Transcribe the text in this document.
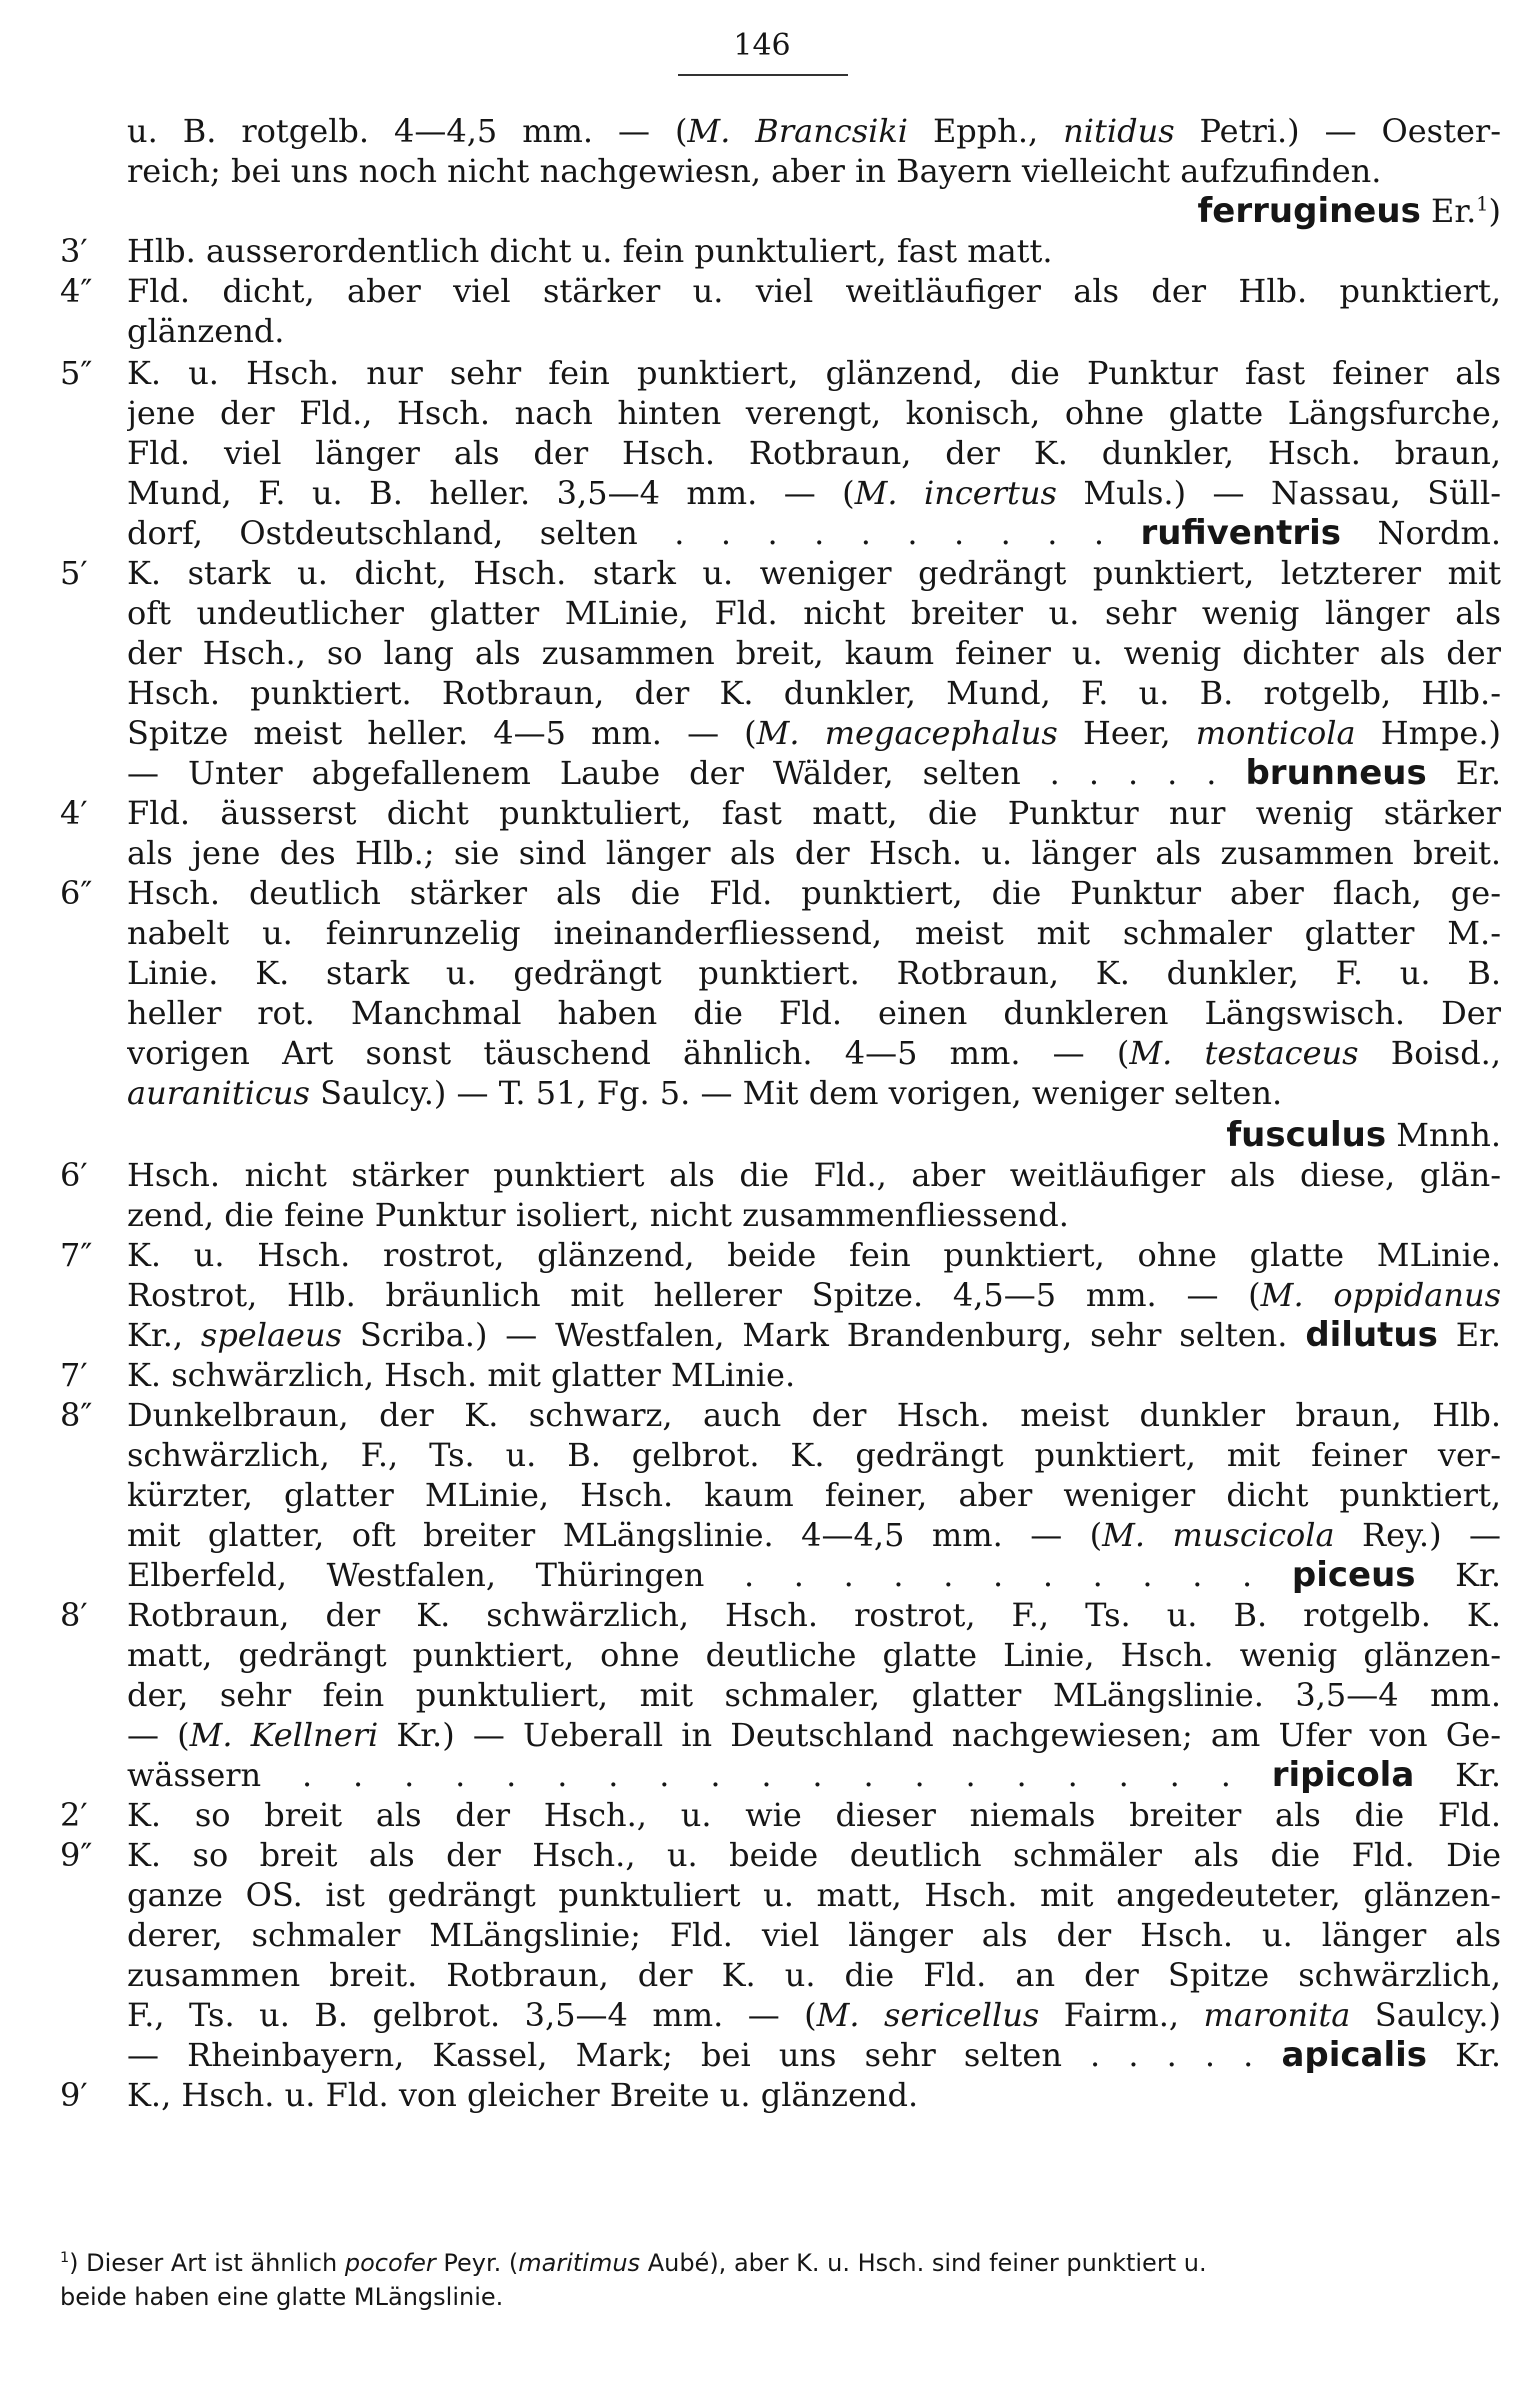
146
u. B. rotgelb. 4—4,5 mm. — (M. Brancsiki Epph., nitidus Petri.) — Oester-
reich; bei uns noch nicht nachgewiesn, aber in Bayern vielleicht aufzufinden.
ferrugineus Er.$^1$)
Hlb. ausserordentlich dicht u. fein punktuliert, fast matt.
3′
Fld. dicht, aber viel stärker u. viel weitläufiger als der Hlb. punktiert,
4″
glänzend.
K. u. Hsch. nur sehr fein punktiert, glänzend, die Punktur fast feiner als
5″
jene der Fld., Hsch. nach hinten verengt, konisch, ohne glatte Längsfurche,
Fld. viel länger als der Hsch. Rotbraun, der K. dunkler, Hsch. braun,
Mund, F. u. B. heller. 3,5—4 mm. — (M. incertus Muls.) — Nassau, Süll-
dorf, Ostdeutschland, selten . . . . . . . . . . rufiventris Nordm.
K. stark u. dicht, Hsch. stark u. weniger gedrängt punktiert, letzterer mit
5′
oft undeutlicher glatter MLinie, Fld. nicht breiter u. sehr wenig länger als
der Hsch., so lang als zusammen breit, kaum feiner u. wenig dichter als der
Hsch. punktiert. Rotbraun, der K. dunkler, Mund, F. u. B. rotgelb, Hlb.-
Spitze meist heller. 4—5 mm. — (M. megacephalus Heer, monticola Hmpe.)
— Unter abgefallenem Laube der Wälder, selten . . . . . brunneus Er.
Fld. äusserst dicht punktuliert, fast matt, die Punktur nur wenig stärker
4′
als jene des Hlb.; sie sind länger als der Hsch. u. länger als zusammen breit.
Hsch. deutlich stärker als die Fld. punktiert, die Punktur aber flach, ge-
6″
nabelt u. feinrunzelig ineinanderfliessend, meist mit schmaler glatter M.-
Linie. K. stark u. gedrängt punktiert. Rotbraun, K. dunkler, F. u. B.
heller rot. Manchmal haben die Fld. einen dunkleren Längswisch. Der
vorigen Art sonst täuschend ähnlich. 4—5 mm. — (M. testaceus Boisd.,
auraniticus Saulcy.) — T. 51, Fg. 5. — Mit dem vorigen, weniger selten.
fusculus Mnnh.
Hsch. nicht stärker punktiert als die Fld., aber weitläufiger als diese, glän-
6′
zend, die feine Punktur isoliert, nicht zusammenfliessend.
K. u. Hsch. rostrot, glänzend, beide fein punktiert, ohne glatte MLinie.
7″
Rostrot, Hlb. bräunlich mit hellerer Spitze. 4,5—5 mm. — (M. oppidanus
Kr., spelaeus Scriba.) — Westfalen, Mark Brandenburg, sehr selten. dilutus Er.
K. schwärzlich, Hsch. mit glatter MLinie.
7′
Dunkelbraun, der K. schwarz, auch der Hsch. meist dunkler braun, Hlb.
8″
schwärzlich, F., Ts. u. B. gelbrot. K. gedrängt punktiert, mit feiner ver-
kürzter, glatter MLinie, Hsch. kaum feiner, aber weniger dicht punktiert,
mit glatter, oft breiter MLängslinie. 4—4,5 mm. — (M. muscicola Rey.) —
Elberfeld, Westfalen, Thüringen . . . . . . . . . . . piceus Kr.
Rotbraun, der K. schwärzlich, Hsch. rostrot, F., Ts. u. B. rotgelb. K.
8′
matt, gedrängt punktiert, ohne deutliche glatte Linie, Hsch. wenig glänzen-
der, sehr fein punktuliert, mit schmaler, glatter MLängslinie. 3,5—4 mm.
— (M. Kellneri Kr.) — Ueberall in Deutschland nachgewiesen; am Ufer von Ge-
wässern . . . . . . . . . . . . . . . . . . . ripicola Kr.
K. so breit als der Hsch., u. wie dieser niemals breiter als die Fld.
2′
K. so breit als der Hsch., u. beide deutlich schmäler als die Fld. Die
9″
ganze OS. ist gedrängt punktuliert u. matt, Hsch. mit angedeuteter, glänzen-
derer, schmaler MLängslinie; Fld. viel länger als der Hsch. u. länger als
zusammen breit. Rotbraun, der K. u. die Fld. an der Spitze schwärzlich,
F., Ts. u. B. gelbrot. 3,5—4 mm. — (M. sericellus Fairm., maronita Saulcy.)
— Rheinbayern, Kassel, Mark; bei uns sehr selten . . . . . apicalis Kr.
K., Hsch. u. Fld. von gleicher Breite u. glänzend.
9′
$^1$) Dieser Art ist ähnlich pocofer Peyr. (maritimus Aubé), aber K. u. Hsch. sind feiner punktiert u.
beide haben eine glatte MLängslinie.
